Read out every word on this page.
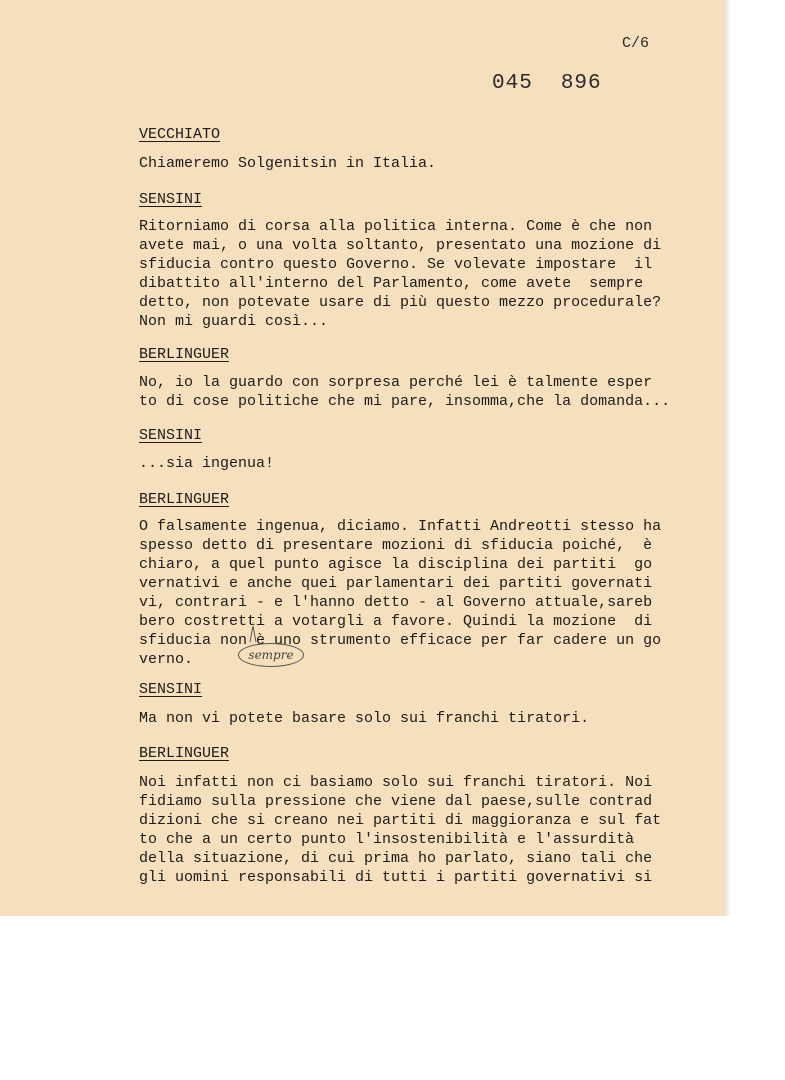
C/6
045 896
VECCHIATO
Chiameremo Solgenitsin in Italia.
SENSINI
Ritorniamo di corsa alla politica interna. Come è che non
avete mai, o una volta soltanto, presentato una mozione di
sfiducia contro questo Governo. Se volevate impostare  il
dibattito all'interno del Parlamento, come avete  sempre
detto, non potevate usare di più questo mezzo procedurale?
Non mi guardi così...
BERLINGUER
No, io la guardo con sorpresa perché lei è talmente esper
to di cose politiche che mi pare, insomma,che la domanda...
SENSINI
...sia ingenua!
BERLINGUER
O falsamente ingenua, diciamo. Infatti Andreotti stesso ha
spesso detto di presentare mozioni di sfiducia poiché,  è
chiaro, a quel punto agisce la disciplina dei partiti  go
vernativi e anche quei parlamentari dei partiti governati
vi, contrari - e l'hanno detto - al Governo attuale,sareb
bero costretti a votargli a favore. Quindi la mozione  di
sfiducia non è uno strumento efficace per far cadere un go
verno.	sempre
SENSINI
Ma non vi potete basare solo sui franchi tiratori.
BERLINGUER
Noi infatti non ci basiamo solo sui franchi tiratori. Noi
fidiamo sulla pressione che viene dal paese,sulle contrad
dizioni che si creano nei partiti di maggioranza e sul fat
to che a un certo punto l'insostenibilità e l'assurdità
della situazione, di cui prima ho parlato, siano tali che
gli uomini responsabili di tutti i partiti governativi si
